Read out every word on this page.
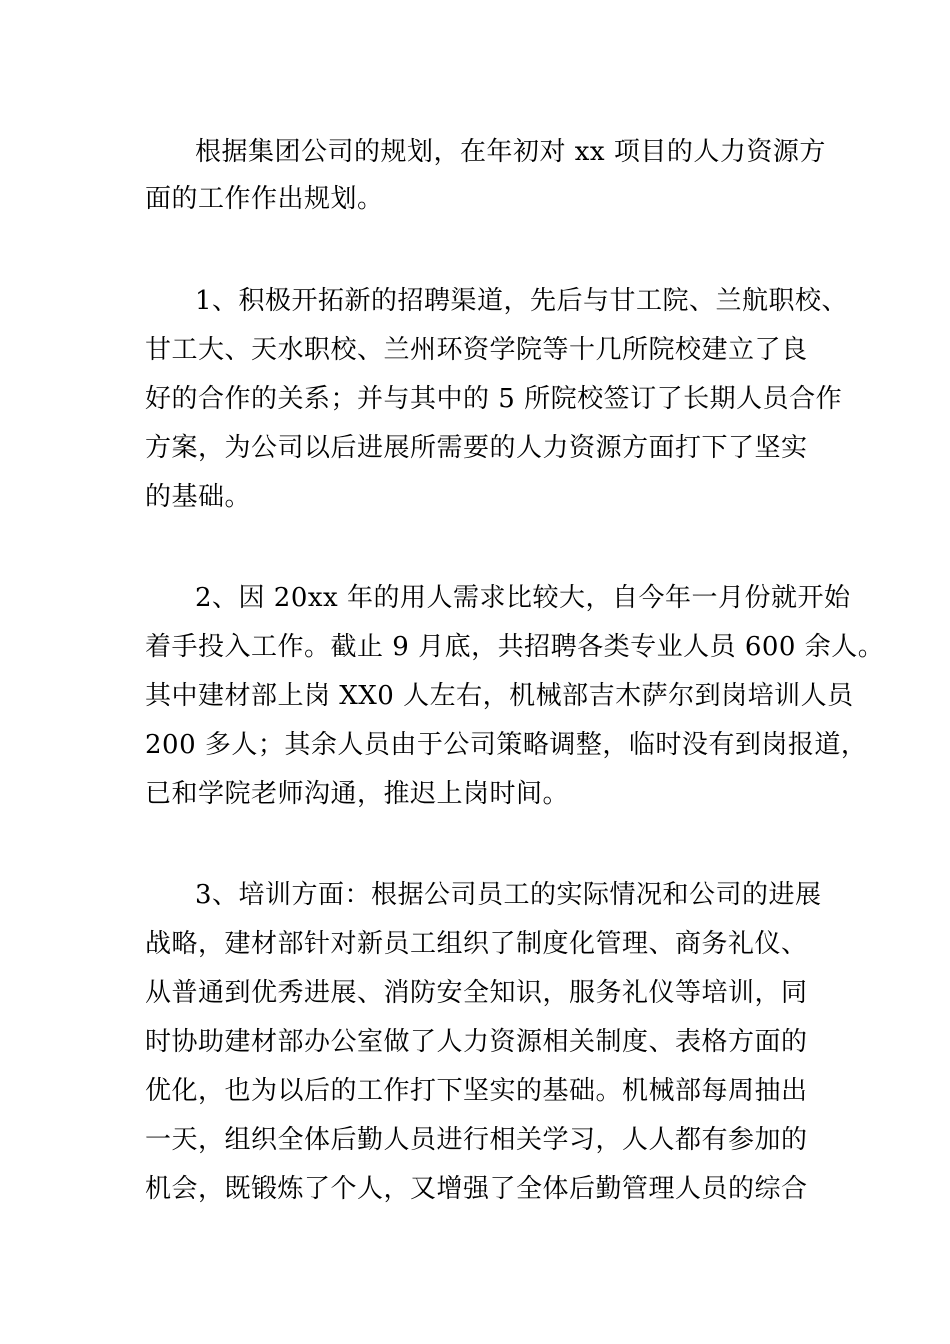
根据集团公司的规划，在年初对 xx 项目的人力资源方
面的工作作出规划。
1、积极开拓新的招聘渠道，先后与甘工院、兰航职校、
甘工大、天水职校、兰州环资学院等十几所院校建立了良
好的合作的关系；并与其中的 5 所院校签订了长期人员合作
方案，为公司以后进展所需要的人力资源方面打下了坚实
的基础。
2、因 20xx 年的用人需求比较大，自今年一月份就开始
着手投入工作。截止 9 月底，共招聘各类专业人员 600 余人。
其中建材部上岗 XX0 人左右，机械部吉木萨尔到岗培训人员
200 多人；其余人员由于公司策略调整，临时没有到岗报道，
已和学院老师沟通，推迟上岗时间。
3、培训方面：根据公司员工的实际情况和公司的进展
战略，建材部针对新员工组织了制度化管理、商务礼仪、
从普通到优秀进展、消防安全知识，服务礼仪等培训，同
时协助建材部办公室做了人力资源相关制度、表格方面的
优化，也为以后的工作打下坚实的基础。机械部每周抽出
一天，组织全体后勤人员进行相关学习，人人都有参加的
机会，既锻炼了个人，又增强了全体后勤管理人员的综合
